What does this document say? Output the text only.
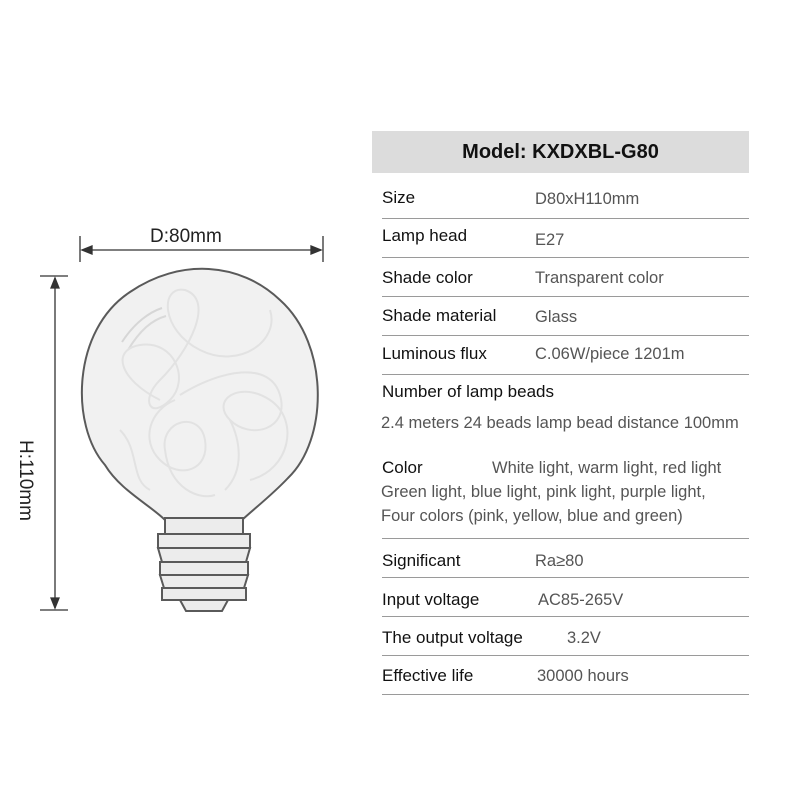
D:80mm
H:110mm
Model: KXDXBL-G80
Size	D80xH110mm
Lamp head	E27
Shade color	Transparent color
Shade material Glass
Luminous flux	C.06W/piece 1201m
Number of lamp beads
2.4 meters 24 beads lamp bead distance 100mm
Color	White light, warm light, red light
Green light, blue light, pink light, purple light,
Four colors (pink, yellow, blue and green)
Significant	Ra≥80
Input voltage	AC85-265V
The output voltage	3.2V
Effective life	30000 hours
